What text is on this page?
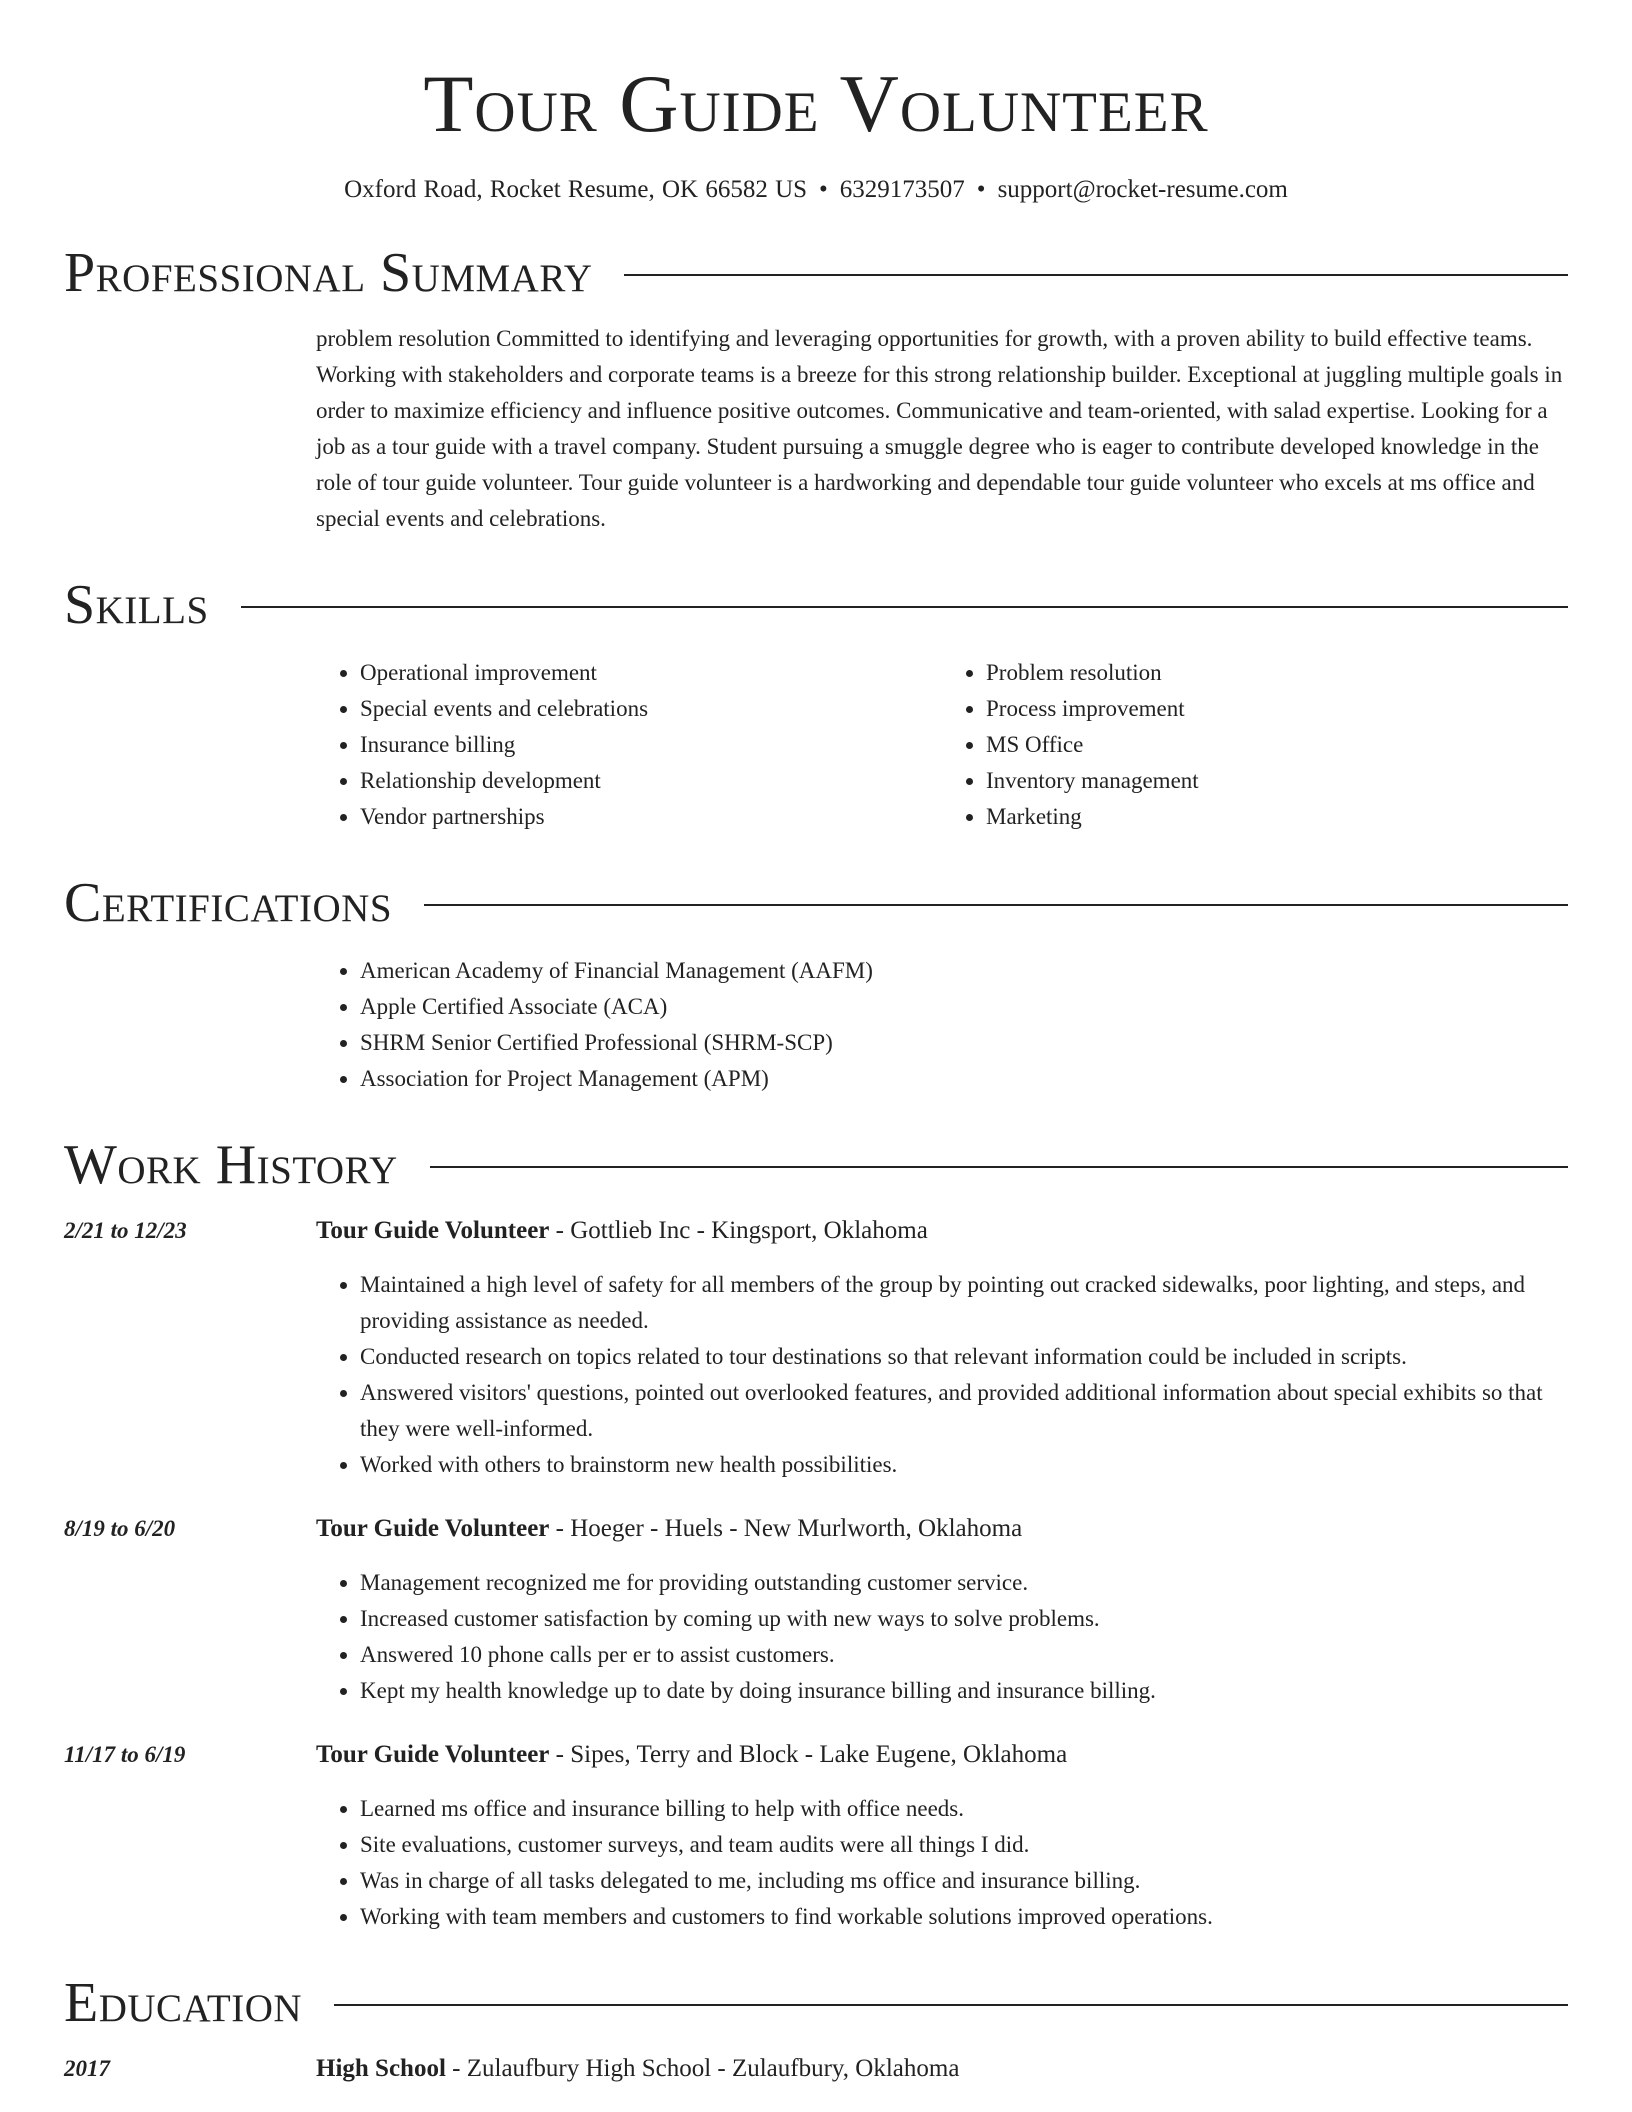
Tour Guide Volunteer
Oxford Road, Rocket Resume, OK 66582 US • 6329173507 • support@rocket-resume.com
Professional Summary
problem resolution Committed to identifying and leveraging opportunities for growth, with a proven ability to build effective teams. Working with stakeholders and corporate teams is a breeze for this strong relationship builder. Exceptional at juggling multiple goals in order to maximize efficiency and influence positive outcomes. Communicative and team-oriented, with salad expertise. Looking for a job as a tour guide with a travel company. Student pursuing a smuggle degree who is eager to contribute developed knowledge in the role of tour guide volunteer. Tour guide volunteer is a hardworking and dependable tour guide volunteer who excels at ms office and special events and celebrations.
Skills
• Operational improvement
• Special events and celebrations
• Insurance billing
• Relationship development
• Vendor partnerships
• Problem resolution
• Process improvement
• MS Office
• Inventory management
• Marketing
Certifications
• American Academy of Financial Management (AAFM)
• Apple Certified Associate (ACA)
• SHRM Senior Certified Professional (SHRM-SCP)
• Association for Project Management (APM)
Work History
2/21 to 12/23	Tour Guide Volunteer - Gottlieb Inc - Kingsport, Oklahoma
• Maintained a high level of safety for all members of the group by pointing out cracked sidewalks, poor lighting, and steps, and providing assistance as needed.
• Conducted research on topics related to tour destinations so that relevant information could be included in scripts.
• Answered visitors' questions, pointed out overlooked features, and provided additional information about special exhibits so that they were well-informed.
• Worked with others to brainstorm new health possibilities.
8/19 to 6/20	Tour Guide Volunteer - Hoeger - Huels - New Murlworth, Oklahoma
• Management recognized me for providing outstanding customer service.
• Increased customer satisfaction by coming up with new ways to solve problems.
• Answered 10 phone calls per er to assist customers.
• Kept my health knowledge up to date by doing insurance billing and insurance billing.
11/17 to 6/19	Tour Guide Volunteer - Sipes, Terry and Block - Lake Eugene, Oklahoma
• Learned ms office and insurance billing to help with office needs.
• Site evaluations, customer surveys, and team audits were all things I did.
• Was in charge of all tasks delegated to me, including ms office and insurance billing.
• Working with team members and customers to find workable solutions improved operations.
Education
2017	High School - Zulaufbury High School - Zulaufbury, Oklahoma
